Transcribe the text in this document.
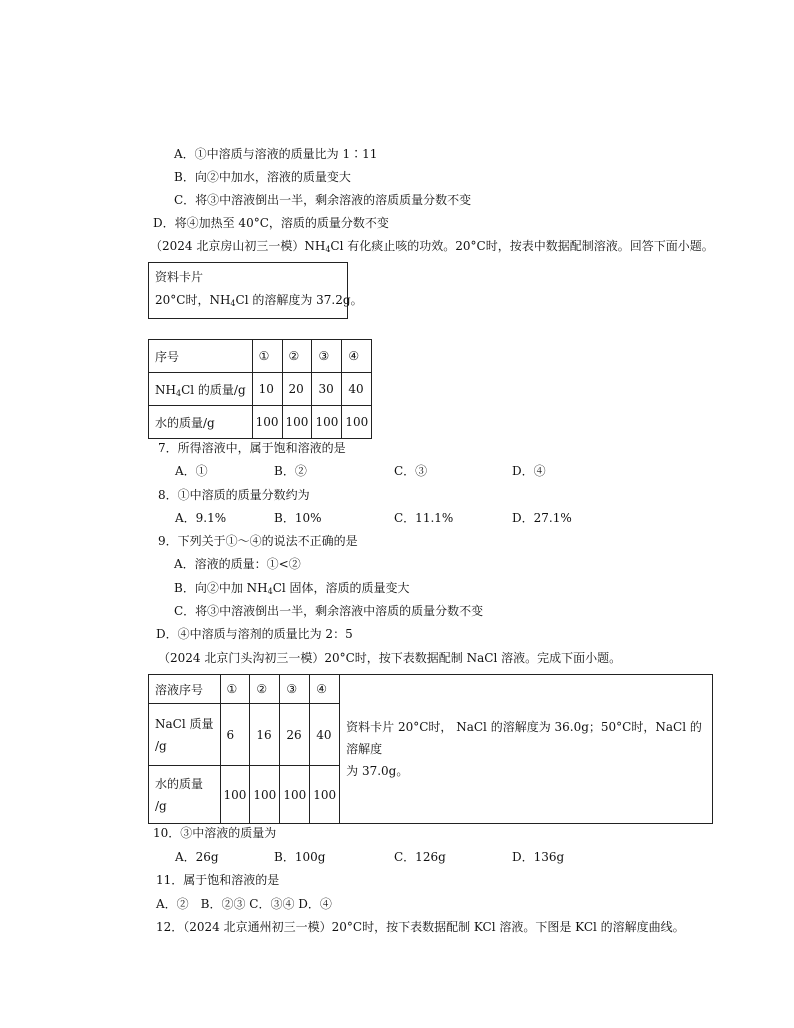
A．①中溶质与溶液的质量比为 1∶11
B．向②中加水，溶液的质量变大
C．将③中溶液倒出一半，剩余溶液的溶质质量分数不变
D．将④加热至 40°C，溶质的质量分数不变
（2024 北京房山初三一模）$NH_4Cl$ 有化痰止咳的功效。20°C时，按表中数据配制溶液。回答下面小题。
资料卡片
20°C时，$NH_4Cl$ 的溶解度为 37.2g。
序号	①	②	③	④
$NH_4Cl$ 的质量/g	10	20	30	40
水的质量/g	100	100	100	100
7．所得溶液中，属于饱和溶液的是
A．①	B．②	C．③	D．④
8．①中溶质的质量分数约为
A．9.1%	B．10%	C．11.1%	D．27.1%
9．下列关于①～④的说法不正确的是
A．溶液的质量：①<②
B．向②中加 $NH_4Cl$ 固体，溶质的质量变大
C．将③中溶液倒出一半，剩余溶液中溶质的质量分数不变
D．④中溶质与溶剂的质量比为 2：5
（2024 北京门头沟初三一模）20°C时，按下表数据配制 NaCl 溶液。完成下面小题。
溶液序号	①	②	③	④	资料卡片 20°C时， NaCl 的溶解度为 36.0g；50°C时，NaCl 的溶解度
为 37.0g。
NaCl 质量
/g	6	16	26	40	
水的质量
/g	100	100	100	100	
10．③中溶液的质量为
A．26g	B．100g	C．126g	D．136g
11．属于饱和溶液的是
A．②　B．②③ C．③④ D．④
12．（2024 北京通州初三一模）20°C时，按下表数据配制 KCl 溶液。下图是 KCl 的溶解度曲线。
